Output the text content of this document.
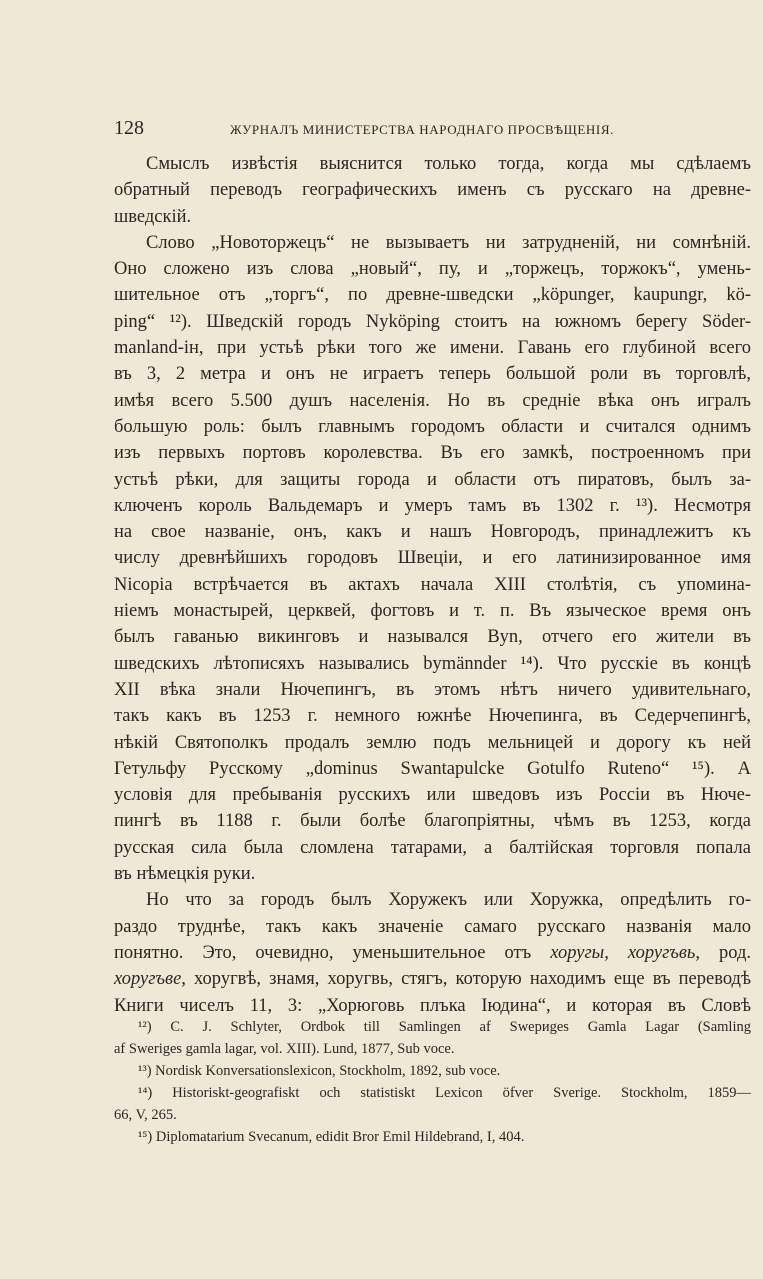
128	ЖУРНАЛЪ МИНИСТЕРСТВА НАРОДНАГО ПРОСВѢЩЕНІЯ.
Смыслъ извѣстія выяснится только тогда, когда мы сдѣлаемъ
обратный переводъ географическихъ именъ съ русскаго на древне-
шведскій.
Слово „Новоторжецъ“ не вызываетъ ни затрудненій, ни сомнѣній.
Оно сложено изъ слова „новый“, пу, и „торжецъ, торжокъ“, умень-
шительное отъ „торгъ“, по древне-шведски „köpunger, kaupungr, kö-
ping“ ¹²). Шведскій городъ Nyköping стоитъ на южномъ берегу Söder-
manland-ін, при устьѣ рѣки того же имени. Гавань его глубиной всего
въ 3, 2 метра и онъ не играетъ теперь большой роли въ торговлѣ,
имѣя всего 5.500 душъ населенія. Но въ средніе вѣка онъ игралъ
большую роль: былъ главнымъ городомъ области и считался однимъ
изъ первыхъ портовъ королевства. Въ его замкѣ, построенномъ при
устьѣ рѣки, для защиты города и области отъ пиратовъ, былъ за-
ключенъ король Вальдемаръ и умеръ тамъ въ 1302 г. ¹³). Несмотря
на свое названіе, онъ, какъ и нашъ Новгородъ, принадлежитъ къ
числу древнѣйшихъ городовъ Швеціи, и его латинизированное имя
Nicopia встрѣчается въ актахъ начала XIII столѣтія, съ упомина-
ніемъ монастырей, церквей, фогтовъ и т. п. Въ языческое время онъ
былъ гаванью викинговъ и назывался Byn, отчего его жители въ
шведскихъ лѣтописяхъ назывались bymännder ¹⁴). Что русскіе въ концѣ
XII вѣка знали Нючепингъ, въ этомъ нѣтъ ничего удивительнаго,
такъ какъ въ 1253 г. немного южнѣе Нючепинга, въ Седерчепингѣ,
нѣкій Святополкъ продалъ землю подъ мельницей и дорогу къ ней
Гетульфу Русскому „dominus Swantapulcke Gotulfo Ruteno“ ¹⁵). А
условія для пребыванія русскихъ или шведовъ изъ Россіи въ Нюче-
пингѣ въ 1188 г. были болѣе благопріятны, чѣмъ въ 1253, когда
русская сила была сломлена татарами, а балтійская торговля попала
въ нѣмецкія руки.
Но что за городъ былъ Хоружекъ или Хоружка, опредѣлить го-
раздо труднѣе, такъ какъ значеніе самаго русскаго названія мало
понятно. Это, очевидно, уменьшительное отъ хоругы, хоругъвь, род.
хоругъве, хоругвѣ, знамя, хоругвь, стягъ, которую находимъ еще въ переводѣ
Книги чиселъ 11, 3: „Хорюговь плъка Іюдина“, и которая въ Словѣ
¹²) C. J. Schlyter, Ordbok till Samlingen af Swериges Gamla Lagar (Samling
af Sweriges gamla lagar, vol. XIII). Lund, 1877, Sub voce.
¹³) Nordisk Konversationslexicon, Stockholm, 1892, sub voce.
¹⁴) Historiskt-geografiskt och statistiskt Lexicon öfver Sverige. Stockholm, 1859—
66, V, 265.
¹⁵) Diplomatarium Svecanum, edidit Bror Emil Hildebrand, I, 404.
